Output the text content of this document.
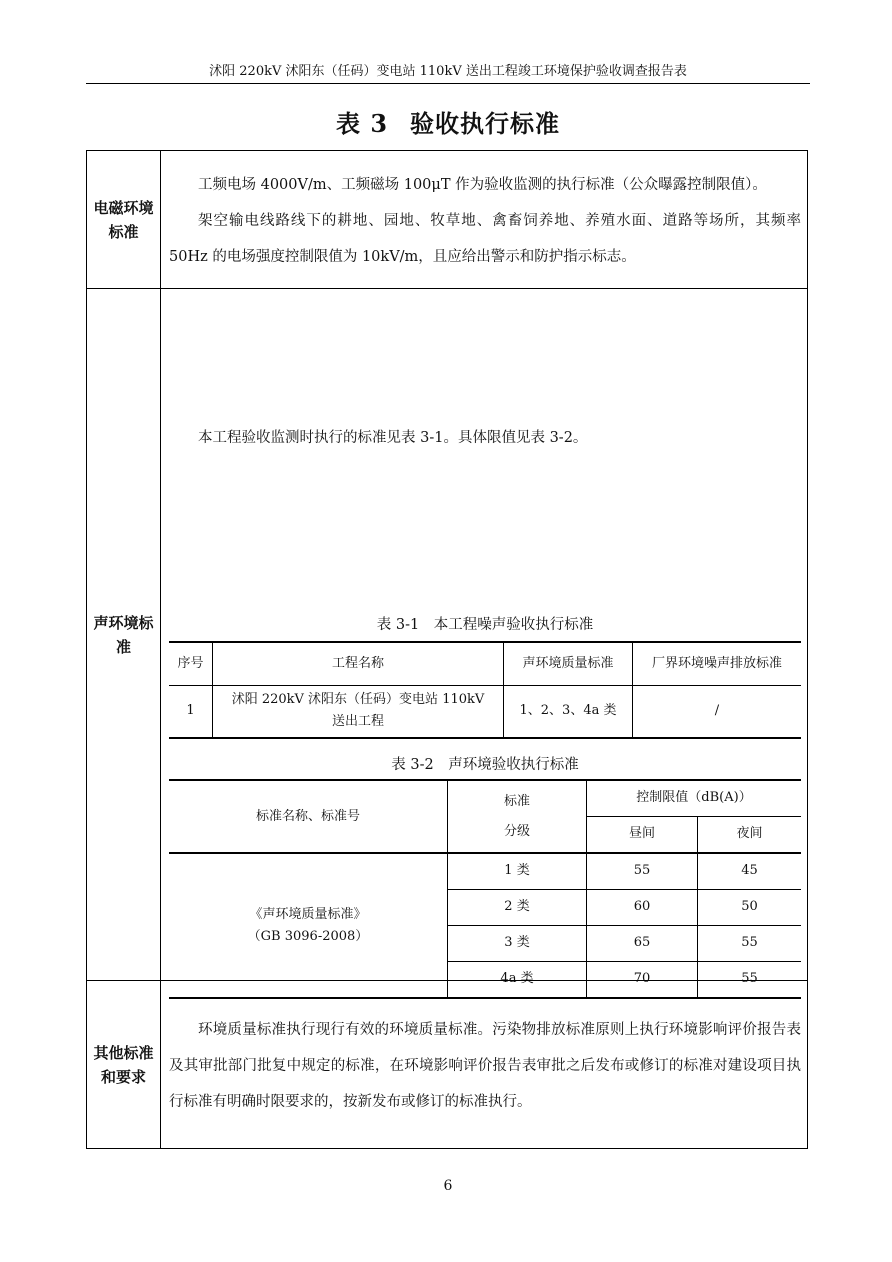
沭阳 220kV 沭阳东（任码）变电站 110kV 送出工程竣工环境保护验收调查报告表
表 3 验收执行标准
电磁环境标准
工频电场 4000V/m、工频磁场 100μT 作为验收监测的执行标准（公众曝露控制限值）。
架空输电线路线下的耕地、园地、牧草地、禽畜饲养地、养殖水面、道路等场所，其频率 50Hz 的电场强度控制限值为 10kV/m，且应给出警示和防护指示标志。
声环境标准
本工程验收监测时执行的标准见表 3-1。具体限值见表 3-2。
表 3-1　本工程噪声验收执行标准
序号	工程名称	声环境质量标准	厂界环境噪声排放标准
1	沭阳 220kV 沭阳东（任码）变电站 110kV 送出工程	1、2、3、4a 类	/
表 3-2　声环境验收执行标准
标准名称、标准号	标准分级	控制限值（dB(A)）	
		昼间	夜间

《声环境质量标准》
（GB 3096-2008）	1 类	55	45
	2 类	60	50
	3 类	65	55
	4a 类	70	55
其他标准和要求
环境质量标准执行现行有效的环境质量标准。污染物排放标准原则上执行环境影响评价报告表及其审批部门批复中规定的标准，在环境影响评价报告表审批之后发布或修订的标准对建设项目执行标准有明确时限要求的，按新发布或修订的标准执行。
6
